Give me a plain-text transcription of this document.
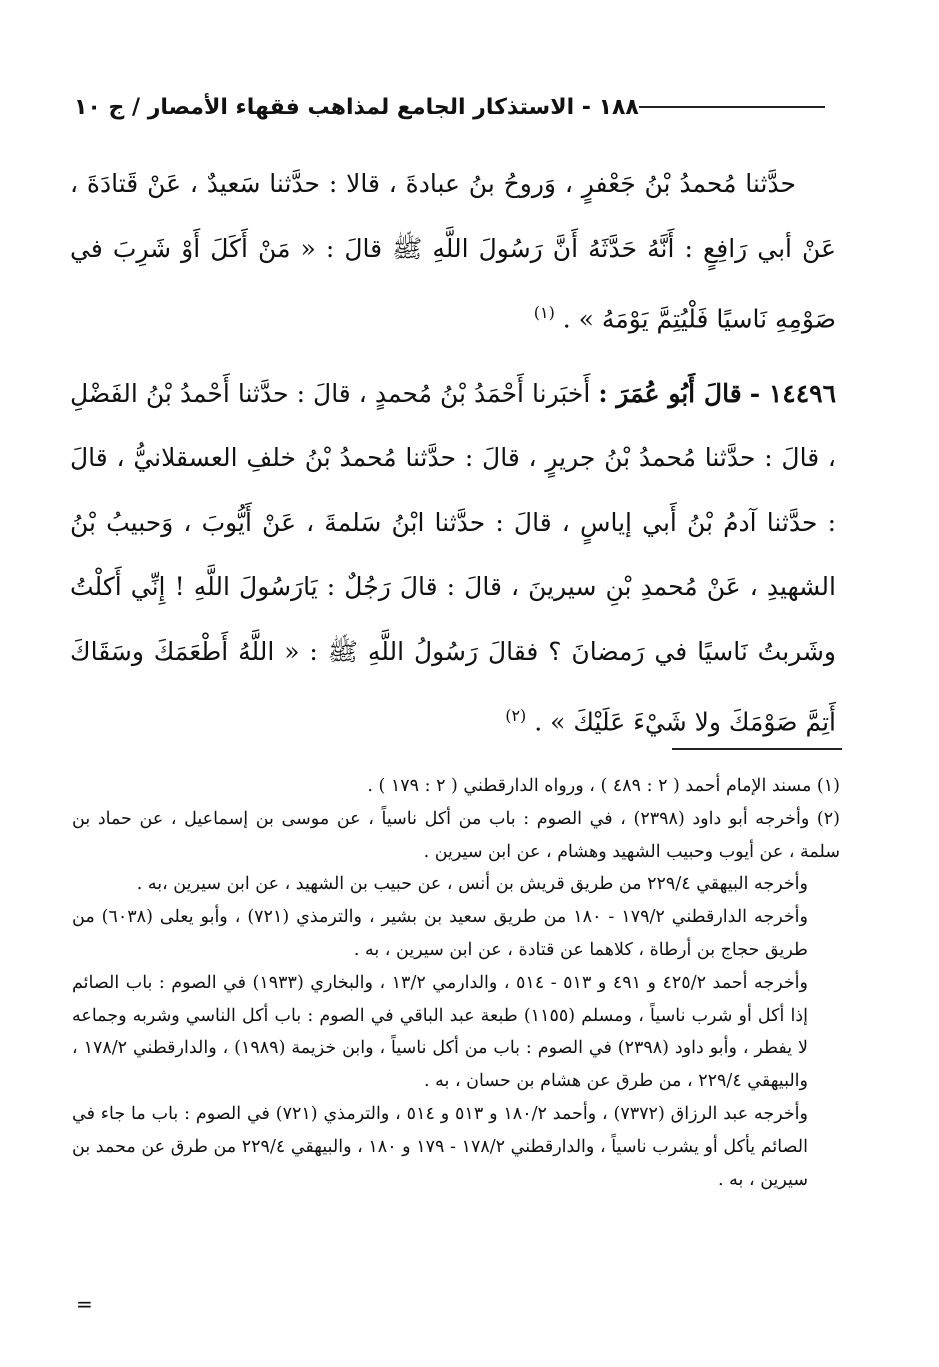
١٨٨ - الاستذكار الجامع لمذاهب فقهاء الأمصار / ج ١٠

حدَّثنا مُحمدُ بْنُ جَعْفرٍ ، وَروحُ بنُ عبادةَ ، قالا : حدَّثنا سَعيدٌ ، عَنْ قَتادَةَ ، عَنْ أبي رَافِعٍ : أَنَّهُ حَدَّثَهُ أَنَّ رَسُولَ اللَّهِ ﷺ قالَ : « مَنْ أَكَلَ أَوْ شَرِبَ في صَوْمِهِ نَاسيًا فَلْيُتِمَّ يَوْمَهُ » . $^{(١)}$

١٤٤٩٦ - قالَ أَبُو عُمَرَ : أَخبَرنا أَحْمَدُ بْنُ مُحمدٍ ، قالَ : حدَّثنا أَحْمدُ بْنُ الفَضْلِ ، قالَ : حدَّثنا مُحمدُ بْنُ جريرٍ ، قالَ : حدَّثنا مُحمدُ بْنُ خلفِ العسقلانيُّ ، قالَ : حدَّثنا آدمُ بْنُ أَبي إياسٍ ، قالَ : حدَّثنا ابْنُ سَلمةَ ، عَنْ أَيُّوبَ ، وَحبيبُ بْنُ الشهيدِ ، عَنْ مُحمدِ بْنِ سيرينَ ، قالَ : قالَ رَجُلٌ : يَارَسُولَ اللَّهِ ! إِنِّي أَكلْتُ وشَربتُ نَاسيًا في رَمضانَ ؟ فقالَ رَسُولُ اللَّهِ ﷺ : « اللَّهُ أَطْعَمَكَ وسَقَاكَ أَتِمَّ صَوْمَكَ ولا شَيْءَ عَلَيْكَ » . $^{(٢)}$

(١) مسند الإمام أحمد ( ٢ : ٤٨٩ ) ، ورواه الدارقطني ( ٢ : ١٧٩ ) .

(٢) وأخرجه أبو داود (٢٣٩٨) ، في الصوم : باب من أكل ناسياً ، عن موسى بن إسماعيل ، عن حماد بن سلمة ، عن أيوب وحبيب الشهيد وهشام ، عن ابن سيرين .

وأخرجه البيهقي ٢٢٩/٤ من طريق قريش بن أنس ، عن حبيب بن الشهيد ، عن ابن سيرين ،به .

وأخرجه الدارقطني ١٧٩/٢ - ١٨٠ من طريق سعيد بن بشير ، والترمذي (٧٢١) ، وأبو يعلى (٦٠٣٨) من طريق حجاج بن أرطاة ، كلاهما عن قتادة ، عن ابن سيرين ، به .

وأخرجه أحمد ٤٢٥/٢ و ٤٩١ و ٥١٣ - ٥١٤ ، والدارمي ١٣/٢ ، والبخاري (١٩٣٣) في الصوم : باب الصائم إذا أكل أو شرب ناسياً ، ومسلم (١١٥٥) طبعة عبد الباقي في الصوم : باب أكل الناسي وشربه وجماعه لا يفطر ، وأبو داود (٢٣٩٨) في الصوم : باب من أكل ناسياً ، وابن خزيمة (١٩٨٩) ، والدارقطني ١٧٨/٢ ، والبيهقي ٢٢٩/٤ ، من طرق عن هشام بن حسان ، به .

وأخرجه عبد الرزاق (٧٣٧٢) ، وأحمد ١٨٠/٢ و ٥١٣ و ٥١٤ ، والترمذي (٧٢١) في الصوم : باب ما جاء في الصائم يأكل أو يشرب ناسياً ، والدارقطني ١٧٨/٢ - ١٧٩ و ١٨٠ ، والبيهقي ٢٢٩/٤ من طرق عن محمد بن سيرين ، به .

=
